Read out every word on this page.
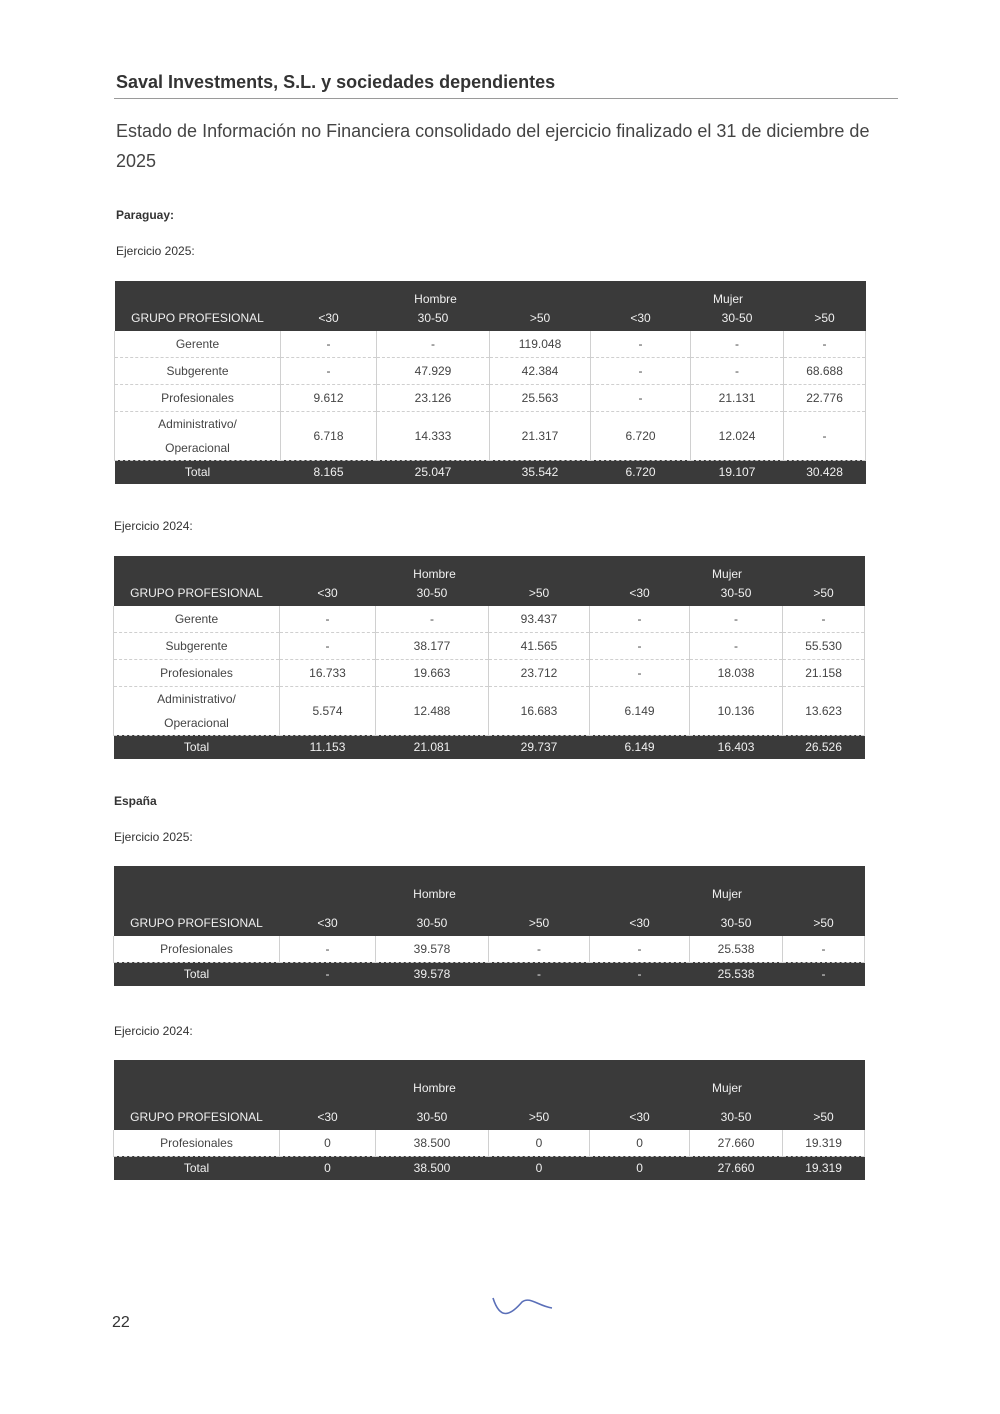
Saval Investments, S.L. y sociedades dependientes
Estado de Información no Financiera consolidado del ejercicio finalizado el 31 de diciembre de 2025
Paraguay:
Ejercicio 2025:
GRUPO PROFESIONAL	Hombre			Mujer		
	<30	30-50	>50	<30	30-50	>50
Gerente	-	-	119.048	-	-	-
Subgerente	-	47.929	42.384	-	-	68.688
Profesionales	9.612	23.126	25.563	-	21.131	22.776
Administrativo/ Operacional	6.718	14.333	21.317	6.720	12.024	-
Total	8.165	25.047	35.542	6.720	19.107	30.428
Ejercicio 2024:
GRUPO PROFESIONAL	Hombre			Mujer		
	<30	30-50	>50	<30	30-50	>50
Gerente	-	-	93.437	-	-	-
Subgerente	-	38.177	41.565	-	-	55.530
Profesionales	16.733	19.663	23.712	-	18.038	21.158
Administrativo/ Operacional	5.574	12.488	16.683	6.149	10.136	13.623
Total	11.153	21.081	29.737	6.149	16.403	26.526
España
Ejercicio 2025:
GRUPO PROFESIONAL	Hombre			Mujer		
	<30	30-50	>50	<30	30-50	>50
Profesionales	-	39.578	-	-	25.538	-
Total	-	39.578	-	-	25.538	-
Ejercicio 2024:
GRUPO PROFESIONAL	Hombre			Mujer		
	<30	30-50	>50	<30	30-50	>50
Profesionales	0	38.500	0	0	27.660	19.319
Total	0	38.500	0	0	27.660	19.319
22
